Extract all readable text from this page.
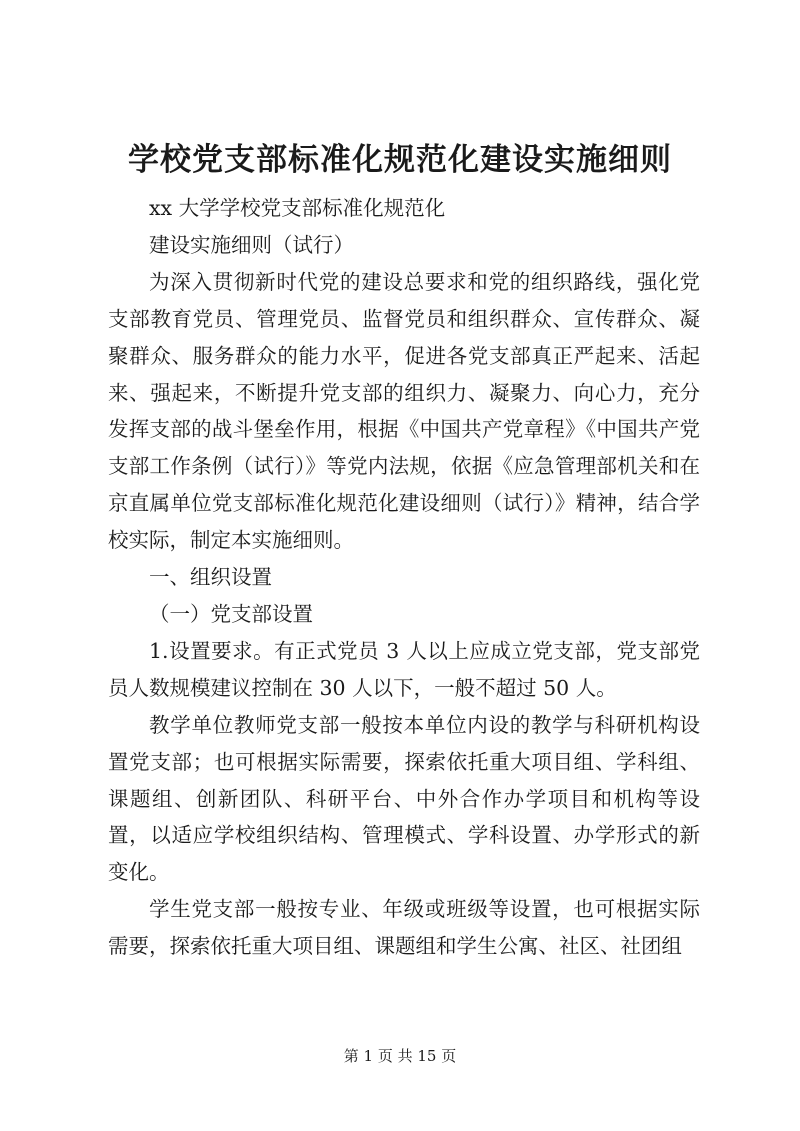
学校党支部标准化规范化建设实施细则

xx 大学学校党支部标准化规范化

建设实施细则（试行）

为深入贯彻新时代党的建设总要求和党的组织路线，强化党支部教育党员、管理党员、监督党员和组织群众、宣传群众、凝聚群众、服务群众的能力水平，促进各党支部真正严起来、活起来、强起来，不断提升党支部的组织力、凝聚力、向心力，充分发挥支部的战斗堡垒作用，根据《中国共产党章程》《中国共产党支部工作条例（试行）》等党内法规，依据《应急管理部机关和在京直属单位党支部标准化规范化建设细则（试行）》精神，结合学校实际，制定本实施细则。

一、组织设置

（一）党支部设置

1.设置要求。有正式党员 3 人以上应成立党支部，党支部党员人数规模建议控制在 30 人以下，一般不超过 50 人。

教学单位教师党支部一般按本单位内设的教学与科研机构设置党支部；也可根据实际需要，探索依托重大项目组、学科组、课题组、创新团队、科研平台、中外合作办学项目和机构等设置，以适应学校组织结构、管理模式、学科设置、办学形式的新变化。

学生党支部一般按专业、年级或班级等设置，也可根据实际需要，探索依托重大项目组、课题组和学生公寓、社区、社团组

第 1 页 共 15 页
